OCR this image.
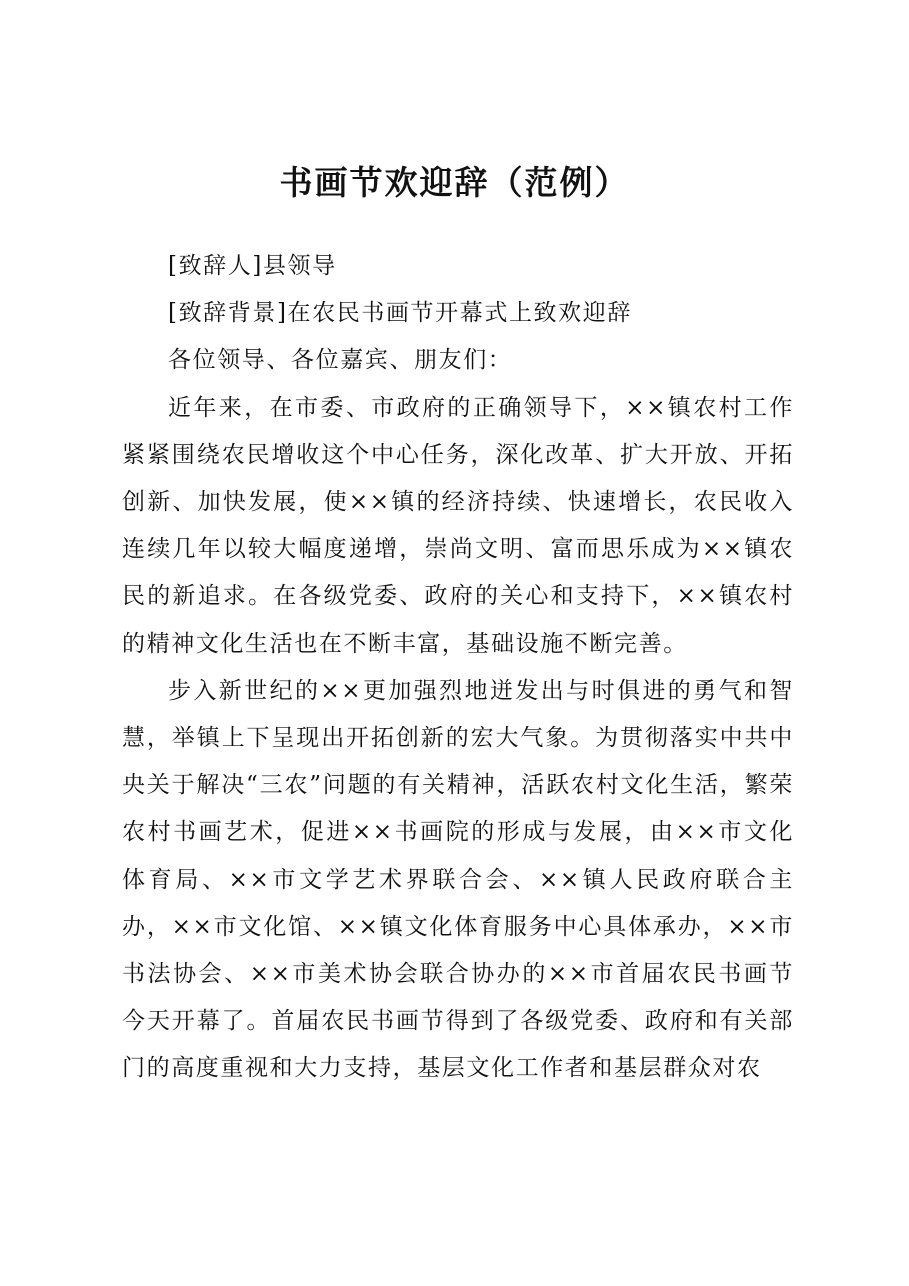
书画节欢迎辞（范例）

[致辞人]县领导

[致辞背景]在农民书画节开幕式上致欢迎辞

各位领导、各位嘉宾、朋友们：

近年来，在市委、市政府的正确领导下，××镇农村工作紧紧围绕农民增收这个中心任务，深化改革、扩大开放、开拓创新、加快发展，使××镇的经济持续、快速增长，农民收入连续几年以较大幅度递增，崇尚文明、富而思乐成为××镇农民的新追求。在各级党委、政府的关心和支持下，××镇农村的精神文化生活也在不断丰富，基础设施不断完善。

步入新世纪的××更加强烈地迸发出与时俱进的勇气和智慧，举镇上下呈现出开拓创新的宏大气象。为贯彻落实中共中央关于解决“三农”问题的有关精神，活跃农村文化生活，繁荣农村书画艺术，促进××书画院的形成与发展，由××市文化体育局、××市文学艺术界联合会、××镇人民政府联合主办，××市文化馆、××镇文化体育服务中心具体承办，××市书法协会、××市美术协会联合协办的××市首届农民书画节今天开幕了。首届农民书画节得到了各级党委、政府和有关部门的高度重视和大力支持，基层文化工作者和基层群众对农
